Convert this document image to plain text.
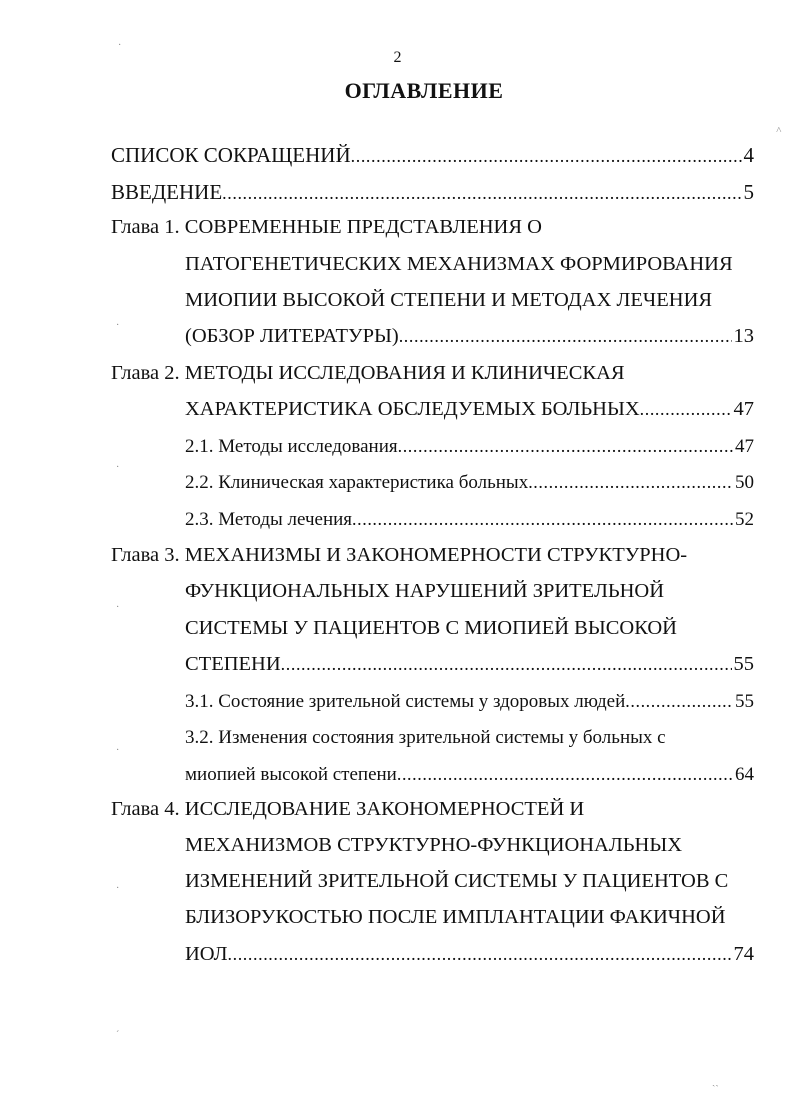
2
ОГЛАВЛЕНИЕ
СПИСОК СОКРАЩЕНИЙ .....	4
ВВЕДЕНИЕ .....	5
Глава 1. СОВРЕМЕННЫЕ ПРЕДСТАВЛЕНИЯ О
ПАТОГЕНЕТИЧЕСКИХ МЕХАНИЗМАХ ФОРМИРОВАНИЯ
МИОПИИ ВЫСОКОЙ СТЕПЕНИ И МЕТОДАХ ЛЕЧЕНИЯ
(ОБЗОР ЛИТЕРАТУРЫ) .....	13
Глава 2. МЕТОДЫ ИССЛЕДОВАНИЯ И КЛИНИЧЕСКАЯ
ХАРАКТЕРИСТИКА ОБСЛЕДУЕМЫХ БОЛЬНЫХ .....	47
2.1. Методы исследования .....	47
2.2. Клиническая характеристика больных .....	50
2.3. Методы лечения .....	52
Глава 3. МЕХАНИЗМЫ И ЗАКОНОМЕРНОСТИ СТРУКТУРНО-
ФУНКЦИОНАЛЬНЫХ НАРУШЕНИЙ ЗРИТЕЛЬНОЙ
СИСТЕМЫ У ПАЦИЕНТОВ С МИОПИЕЙ ВЫСОКОЙ
СТЕПЕНИ .....	55
3.1. Состояние зрительной системы у здоровых людей .....	55
3.2. Изменения состояния зрительной системы у больных с
миопией высокой степени .....	64
Глава 4. ИССЛЕДОВАНИЕ ЗАКОНОМЕРНОСТЕЙ И
МЕХАНИЗМОВ СТРУКТУРНО-ФУНКЦИОНАЛЬНЫХ
ИЗМЕНЕНИЙ ЗРИТЕЛЬНОЙ СИСТЕМЫ У ПАЦИЕНТОВ С
БЛИЗОРУКОСТЬЮ ПОСЛЕ ИМПЛАНТАЦИИ ФАКИЧНОЙ
ИОЛ .....	74
·
˄
·
·
·
·
·
´
ˎˎ
